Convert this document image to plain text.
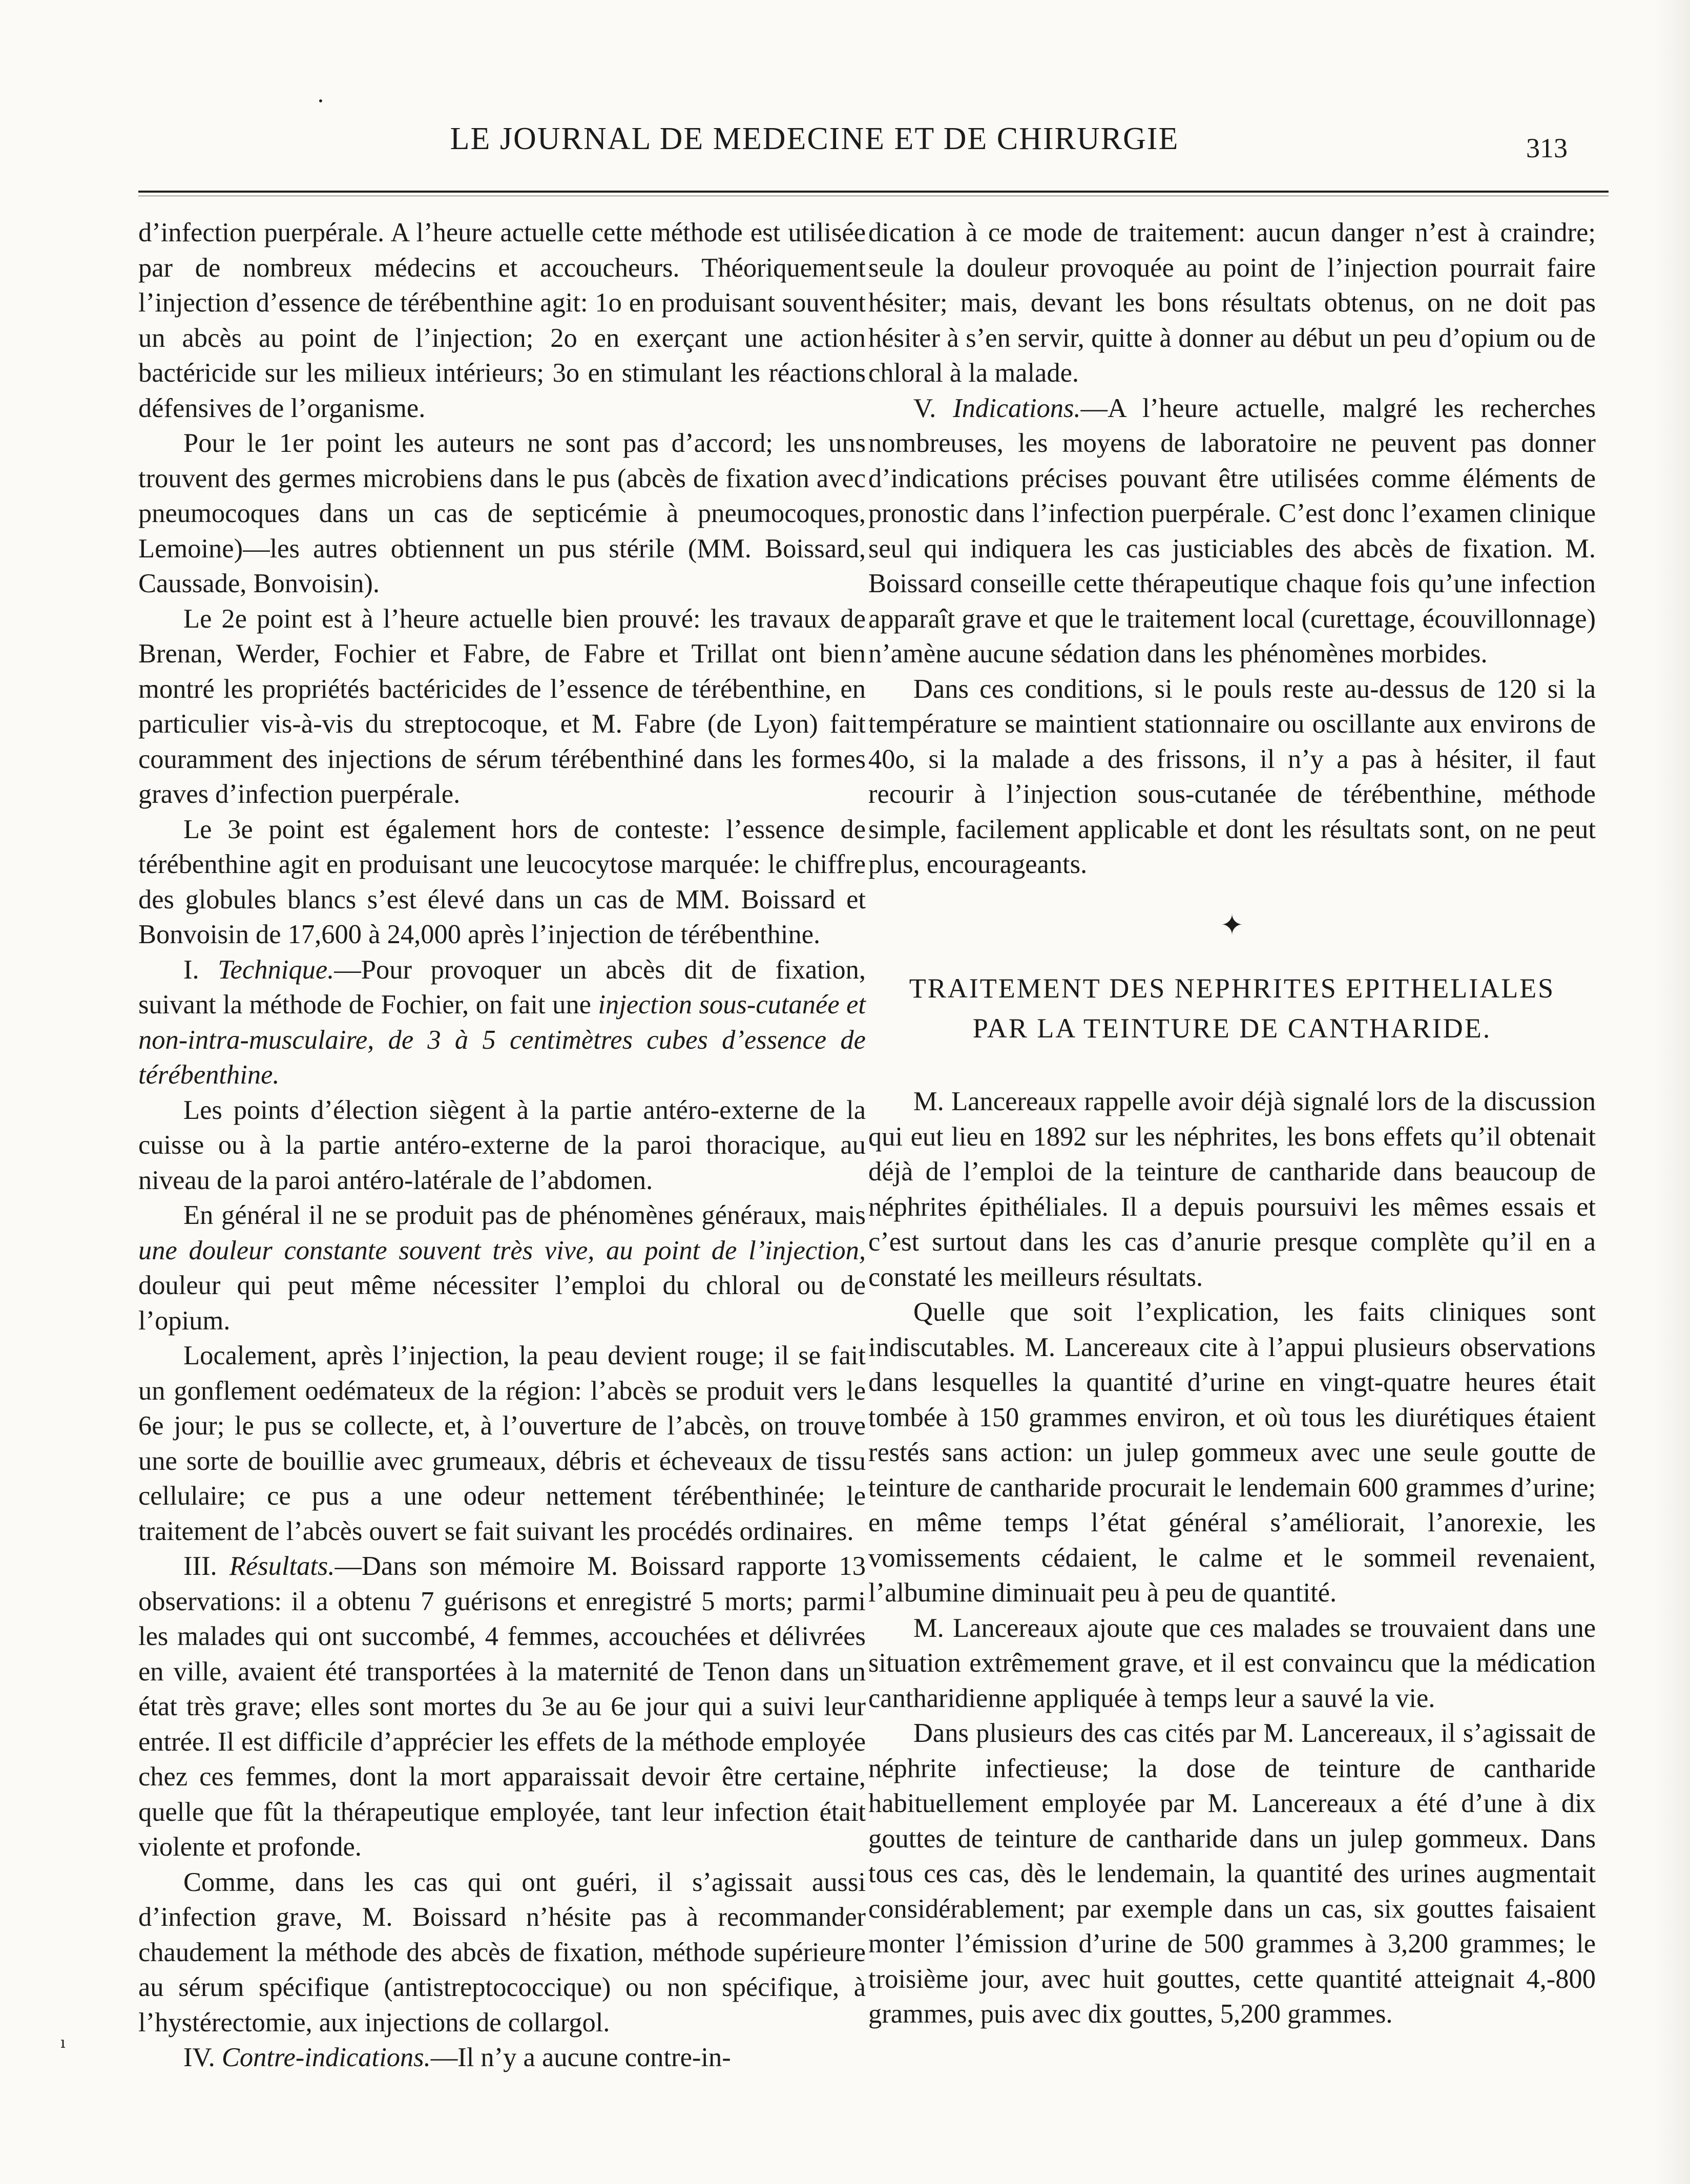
•
ı
LE JOURNAL DE MEDECINE ET DE CHIRURGIE	313

d’infection puerpérale. A l’heure actuelle cette méthode est utilisée par de nombreux médecins et accoucheurs. Théoriquement l’injection d’essence de térébenthine agit: 1o en produisant souvent un abcès au point de l’injection; 2o en exerçant une action bactéricide sur les milieux intérieurs; 3o en stimulant les réactions défensives de l’organisme.

Pour le 1er point les auteurs ne sont pas d’accord; les uns trouvent des germes microbiens dans le pus (abcès de fixation avec pneumocoques dans un cas de septicémie à pneumocoques, Lemoine)—les autres obtiennent un pus stérile (MM. Boissard, Caussade, Bonvoisin).

Le 2e point est à l’heure actuelle bien prouvé: les travaux de Brenan, Werder, Fochier et Fabre, de Fabre et Trillat ont bien montré les propriétés bactéricides de l’essence de térébenthine, en particulier vis-à-vis du streptocoque, et M. Fabre (de Lyon) fait couramment des injections de sérum térébenthiné dans les formes graves d’infection puerpérale.

Le 3e point est également hors de conteste: l’essence de térébenthine agit en produisant une leucocytose marquée: le chiffre des globules blancs s’est élevé dans un cas de MM. Boissard et Bonvoisin de 17,600 à 24,000 après l’injection de térébenthine.

I. Technique.—Pour provoquer un abcès dit de fixation, suivant la méthode de Fochier, on fait une injection sous-cutanée et non-intra-musculaire, de 3 à 5 centimètres cubes d’essence de térébenthine.

Les points d’élection siègent à la partie antéro-externe de la cuisse ou à la partie antéro-externe de la paroi thoracique, au niveau de la paroi antéro-latérale de l’abdomen.

En général il ne se produit pas de phénomènes généraux, mais une douleur constante souvent très vive, au point de l’injection, douleur qui peut même nécessiter l’emploi du chloral ou de l’opium.

Localement, après l’injection, la peau devient rouge; il se fait un gonflement oedémateux de la région: l’abcès se produit vers le 6e jour; le pus se collecte, et, à l’ouverture de l’abcès, on trouve une sorte de bouillie avec grumeaux, débris et écheveaux de tissu cellulaire; ce pus a une odeur nettement térébenthinée; le traitement de l’abcès ouvert se fait suivant les procédés ordinaires.

III. Résultats.—Dans son mémoire M. Boissard rapporte 13 observations: il a obtenu 7 guérisons et enregistré 5 morts; parmi les malades qui ont succombé, 4 femmes, accouchées et délivrées en ville, avaient été transportées à la maternité de Tenon dans un état très grave; elles sont mortes du 3e au 6e jour qui a suivi leur entrée. Il est difficile d’apprécier les effets de la méthode employée chez ces femmes, dont la mort apparaissait devoir être certaine, quelle que fût la thérapeutique employée, tant leur infection était violente et profonde.

Comme, dans les cas qui ont guéri, il s’agissait aussi d’infection grave, M. Boissard n’hésite pas à recommander chaudement la méthode des abcès de fixation, méthode supérieure au sérum spécifique (antistreptococcique) ou non spécifique, à l’hystérectomie, aux injections de collargol.

IV. Contre-indications.—Il n’y a aucune contre-in-

dication à ce mode de traitement: aucun danger n’est à craindre; seule la douleur provoquée au point de l’injection pourrait faire hésiter; mais, devant les bons résultats obtenus, on ne doit pas hésiter à s’en servir, quitte à donner au début un peu d’opium ou de chloral à la malade.

V. Indications.—A l’heure actuelle, malgré les recherches nombreuses, les moyens de laboratoire ne peuvent pas donner d’indications précises pouvant être utilisées comme éléments de pronostic dans l’infection puerpérale. C’est donc l’examen clinique seul qui indiquera les cas justiciables des abcès de fixation. M. Boissard conseille cette thérapeutique chaque fois qu’une infection apparaît grave et que le traitement local (curettage, écouvillonnage) n’amène aucune sédation dans les phénomènes morbides.

Dans ces conditions, si le pouls reste au-dessus de 120 si la température se maintient stationnaire ou oscillante aux environs de 40o, si la malade a des frissons, il n’y a pas à hésiter, il faut recourir à l’injection sous-cutanée de térébenthine, méthode simple, facilement applicable et dont les résultats sont, on ne peut plus, encourageants.

✦
TRAITEMENT DES NEPHRITES EPITHELIALES
PAR LA TEINTURE DE CANTHARIDE.

M. Lancereaux rappelle avoir déjà signalé lors de la discussion qui eut lieu en 1892 sur les néphrites, les bons effets qu’il obtenait déjà de l’emploi de la teinture de cantharide dans beaucoup de néphrites épithéliales. Il a depuis poursuivi les mêmes essais et c’est surtout dans les cas d’anurie presque complète qu’il en a constaté les meilleurs résultats.

Quelle que soit l’explication, les faits cliniques sont indiscutables. M. Lancereaux cite à l’appui plusieurs observations dans lesquelles la quantité d’urine en vingt-quatre heures était tombée à 150 grammes environ, et où tous les diurétiques étaient restés sans action: un julep gommeux avec une seule goutte de teinture de cantharide procurait le lendemain 600 grammes d’urine; en même temps l’état général s’améliorait, l’anorexie, les vomissements cédaient, le calme et le sommeil revenaient, l’albumine diminuait peu à peu de quantité.

M. Lancereaux ajoute que ces malades se trouvaient dans une situation extrêmement grave, et il est convaincu que la médication cantharidienne appliquée à temps leur a sauvé la vie.

Dans plusieurs des cas cités par M. Lancereaux, il s’agissait de néphrite infectieuse; la dose de teinture de cantharide habituellement employée par M. Lancereaux a été d’une à dix gouttes de teinture de cantharide dans un julep gommeux. Dans tous ces cas, dès le lendemain, la quantité des urines augmentait considérablement; par exemple dans un cas, six gouttes faisaient monter l’émission d’urine de 500 grammes à 3,200 grammes; le troisième jour, avec huit gouttes, cette quantité atteignait 4,-800 grammes, puis avec dix gouttes, 5,200 grammes.
